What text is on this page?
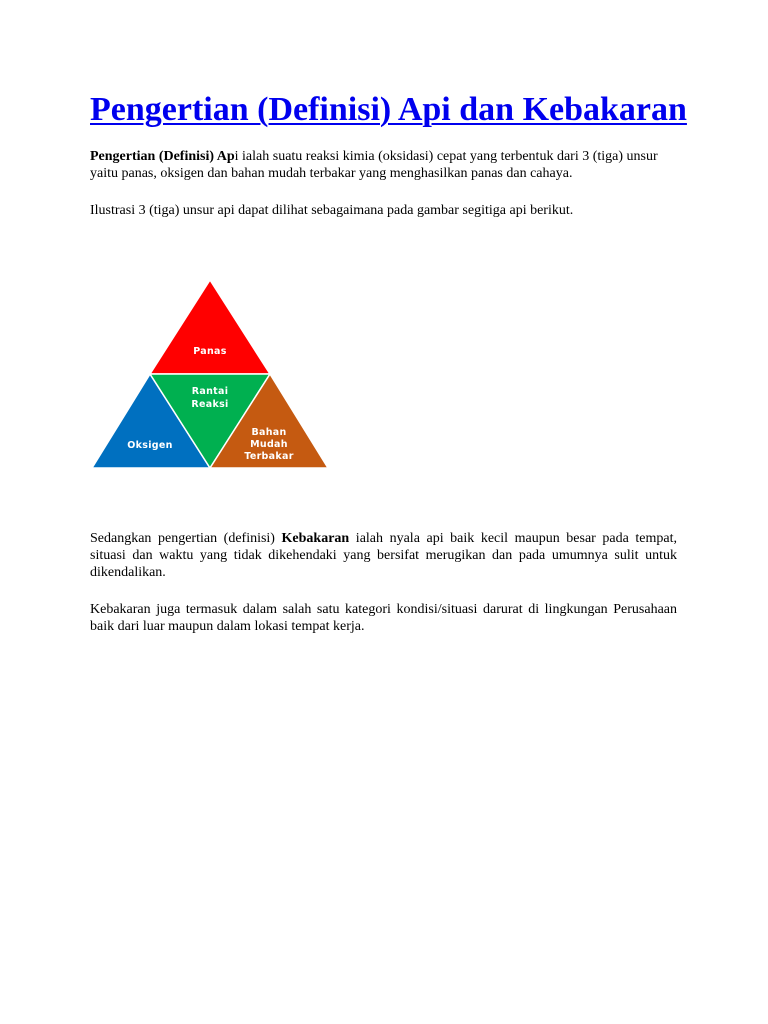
Pengertian (Definisi) Api dan Kebakaran

Pengertian (Definisi) Api ialah suatu reaksi kimia (oksidasi) cepat yang terbentuk dari 3 (tiga) unsur yaitu panas, oksigen dan bahan mudah terbakar yang menghasilkan panas dan cahaya.

Ilustrasi 3 (tiga) unsur api dapat dilihat sebagaimana pada gambar segitiga api berikut.

Panas
Oksigen
Rantai
Reaksi
Bahan
Mudah
Terbakar

Sedangkan pengertian (definisi) Kebakaran ialah nyala api baik kecil maupun besar pada tempat, situasi dan waktu yang tidak dikehendaki yang bersifat merugikan dan pada umumnya sulit untuk dikendalikan.

Kebakaran juga termasuk dalam salah satu kategori kondisi/situasi darurat di lingkungan Perusahaan baik dari luar maupun dalam lokasi tempat kerja.
